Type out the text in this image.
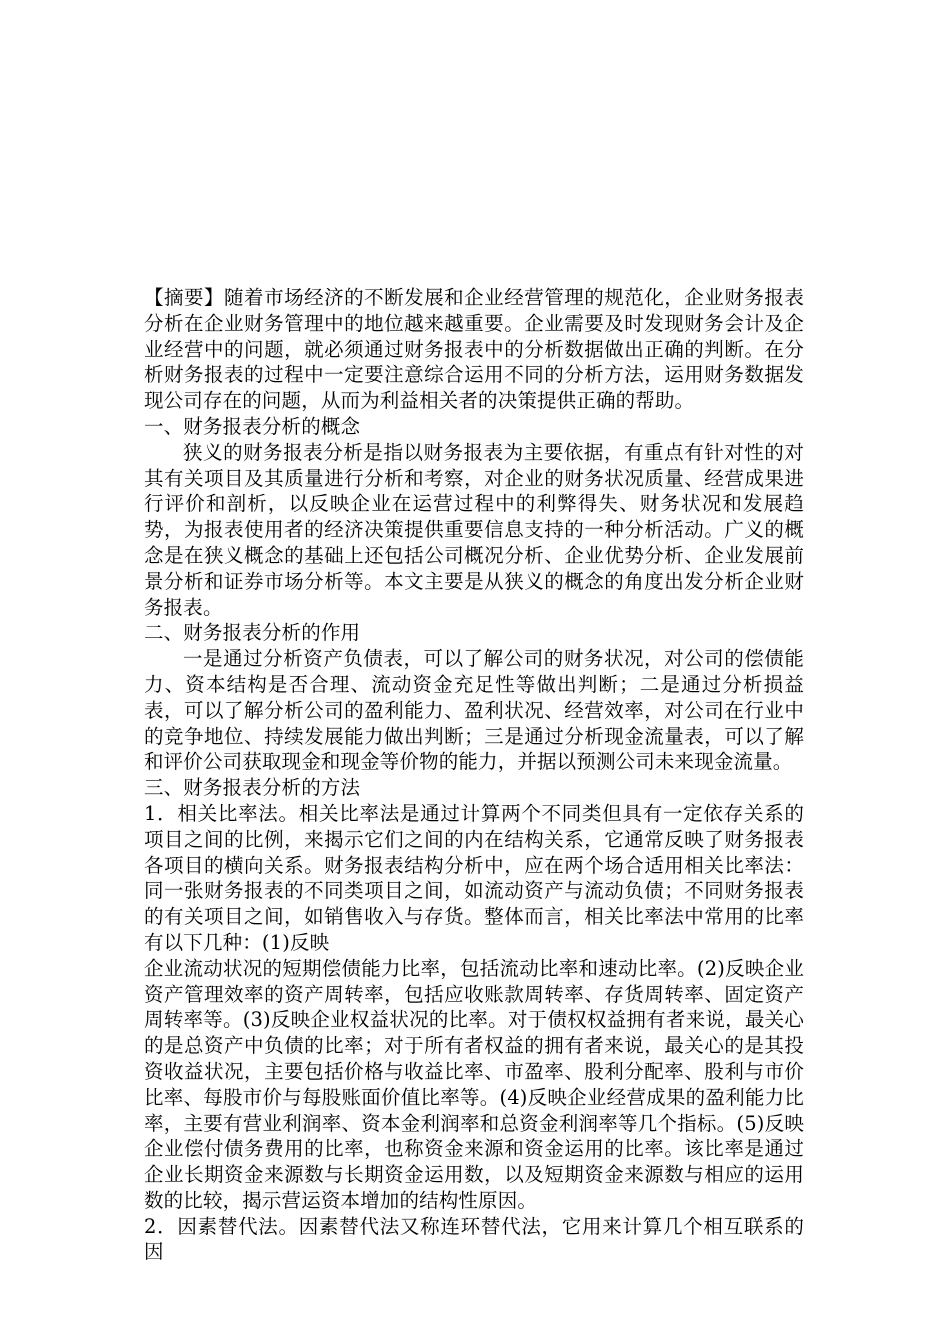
【摘要】随着市场经济的不断发展和企业经营管理的规范化，企业财务报表分析在企业财务管理中的地位越来越重要。企业需要及时发现财务会计及企业经营中的问题，就必须通过财务报表中的分析数据做出正确的判断。在分析财务报表的过程中一定要注意综合运用不同的分析方法，运用财务数据发现公司存在的问题，从而为利益相关者的决策提供正确的帮助。

一、财务报表分析的概念

狭义的财务报表分析是指以财务报表为主要依据，有重点有针对性的对其有关项目及其质量进行分析和考察，对企业的财务状况质量、经营成果进行评价和剖析，以反映企业在运营过程中的利弊得失、财务状况和发展趋势，为报表使用者的经济决策提供重要信息支持的一种分析活动。广义的概念是在狭义概念的基础上还包括公司概况分析、企业优势分析、企业发展前景分析和证券市场分析等。本文主要是从狭义的概念的角度出发分析企业财务报表。

二、财务报表分析的作用

一是通过分析资产负债表，可以了解公司的财务状况，对公司的偿债能力、资本结构是否合理、流动资金充足性等做出判断；二是通过分析损益表，可以了解分析公司的盈利能力、盈利状况、经营效率，对公司在行业中的竞争地位、持续发展能力做出判断；三是通过分析现金流量表，可以了解和评价公司获取现金和现金等价物的能力，并据以预测公司未来现金流量。

三、财务报表分析的方法

1．相关比率法。相关比率法是通过计算两个不同类但具有一定依存关系的项目之间的比例，来揭示它们之间的内在结构关系，它通常反映了财务报表各项目的横向关系。财务报表结构分析中，应在两个场合适用相关比率法：同一张财务报表的不同类项目之间，如流动资产与流动负债；不同财务报表的有关项目之间，如销售收入与存货。整体而言，相关比率法中常用的比率有以下几种：(1)反映

企业流动状况的短期偿债能力比率，包括流动比率和速动比率。(2)反映企业资产管理效率的资产周转率，包括应收账款周转率、存货周转率、固定资产周转率等。(3)反映企业权益状况的比率。对于债权权益拥有者来说，最关心的是总资产中负债的比率；对于所有者权益的拥有者来说，最关心的是其投资收益状况，主要包括价格与收益比率、市盈率、股利分配率、股利与市价比率、每股市价与每股账面价值比率等。(4)反映企业经营成果的盈利能力比率，主要有营业利润率、资本金利润率和总资金利润率等几个指标。(5)反映企业偿付债务费用的比率，也称资金来源和资金运用的比率。该比率是通过企业长期资金来源数与长期资金运用数，以及短期资金来源数与相应的运用数的比较，揭示营运资本增加的结构性原因。

2．因素替代法。因素替代法又称连环替代法，它用来计算几个相互联系的因
